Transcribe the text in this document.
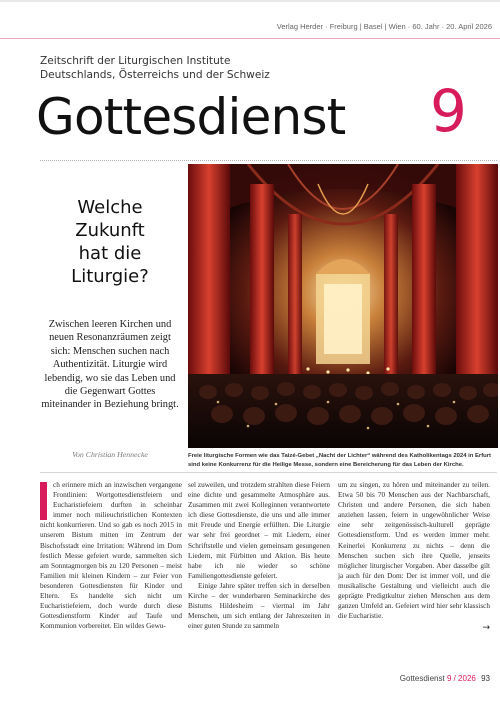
Verlag Herder · Freiburg | Basel | Wien · 60. Jahr · 20. April 2026
Zeitschrift der Liturgischen Institute
Deutschlands, Österreichs und der Schweiz
Gottesdienst 9
Welche
Zukunft
hat die
Liturgie?
Zwischen leeren Kirchen und neuen Resonanzräumen zeigt sich: Menschen suchen nach Authentizität. Liturgie wird lebendig, wo sie das Leben und die Gegenwart Gottes miteinander in Beziehung bringt.
Von Christian Hennecke	Freie liturgische Formen wie das Taizé-Gebet „Nacht der Lichter“ während des Katholikentags 2024 in Erfurt sind keine Konkurrenz für die Heilige Messe, sondern eine Bereicherung für das Leben der Kirche.

ch erinnere mich an inzwischen vergangene Frontlinien: Wortgottesdienstfeiern und Eucharistiefeiern durften in scheinbar immer noch milieuchristlichen Kontexten nicht konkurrieren. Und so gab es noch 2015 in unserem Bistum mitten im Zentrum der Bischofsstadt eine Irritation: Während im Dom festlich Messe gefeiert wurde, sammelten sich am Sonntagmorgen bis zu 120 Personen – meist Familien mit kleinen Kindern – zur Feier von besonderen Gottesdiensten für Kinder und Eltern. Es handelte sich nicht um Eucharistiefeiern, doch wurde durch diese Gottesdienstform Kinder auf Taufe und Kommunion vorbereitet. Ein wildes Gewu-

sel zuweilen, und trotzdem strahlten diese Feiern eine dichte und gesammelte Atmosphäre aus. Zusammen mit zwei Kolleginnen verantwortete ich diese Gottesdienste, die uns und alle immer mit Freude und Energie erfüllten. Die Liturgie war sehr frei geordnet – mit Liedern, einer Schriftstelle und vielen gemeinsam gesungenen Liedern, mit Fürbitten und Aktion. Bis heute habe ich nie wieder so schöne Familiengottesdienste gefeiert.

Einige Jahre später treffen sich in derselben Kirche – der wunderbaren Seminarkirche des Bistums Hildesheim – viermal im Jahr Menschen, um sich entlang der Jahreszeiten in einer guten Stunde zu sammeln

um zu singen, zu hören und miteinander zu teilen. Etwa 50 bis 70 Menschen aus der Nachbarschaft, Christen und andere Personen, die sich haben anziehen lassen, feiern in ungewöhnlicher Weise eine sehr zeitgenössisch-kulturell geprägte Gottesdienstform. Und es werden immer mehr. Keinerlei Konkurrenz zu nichts – denn die Menschen suchen sich ihre Quelle, jenseits möglicher liturgischer Vorgaben. Aber dasselbe gilt ja auch für den Dom: Der ist immer voll, und die musikalische Gestaltung und vielleicht auch die geprägte Predigtkultur ziehen Menschen aus dem ganzen Umfeld an. Gefeiert wird hier sehr klassisch die Eucharistie.

→
Gottesdienst 9 / 2026 93
